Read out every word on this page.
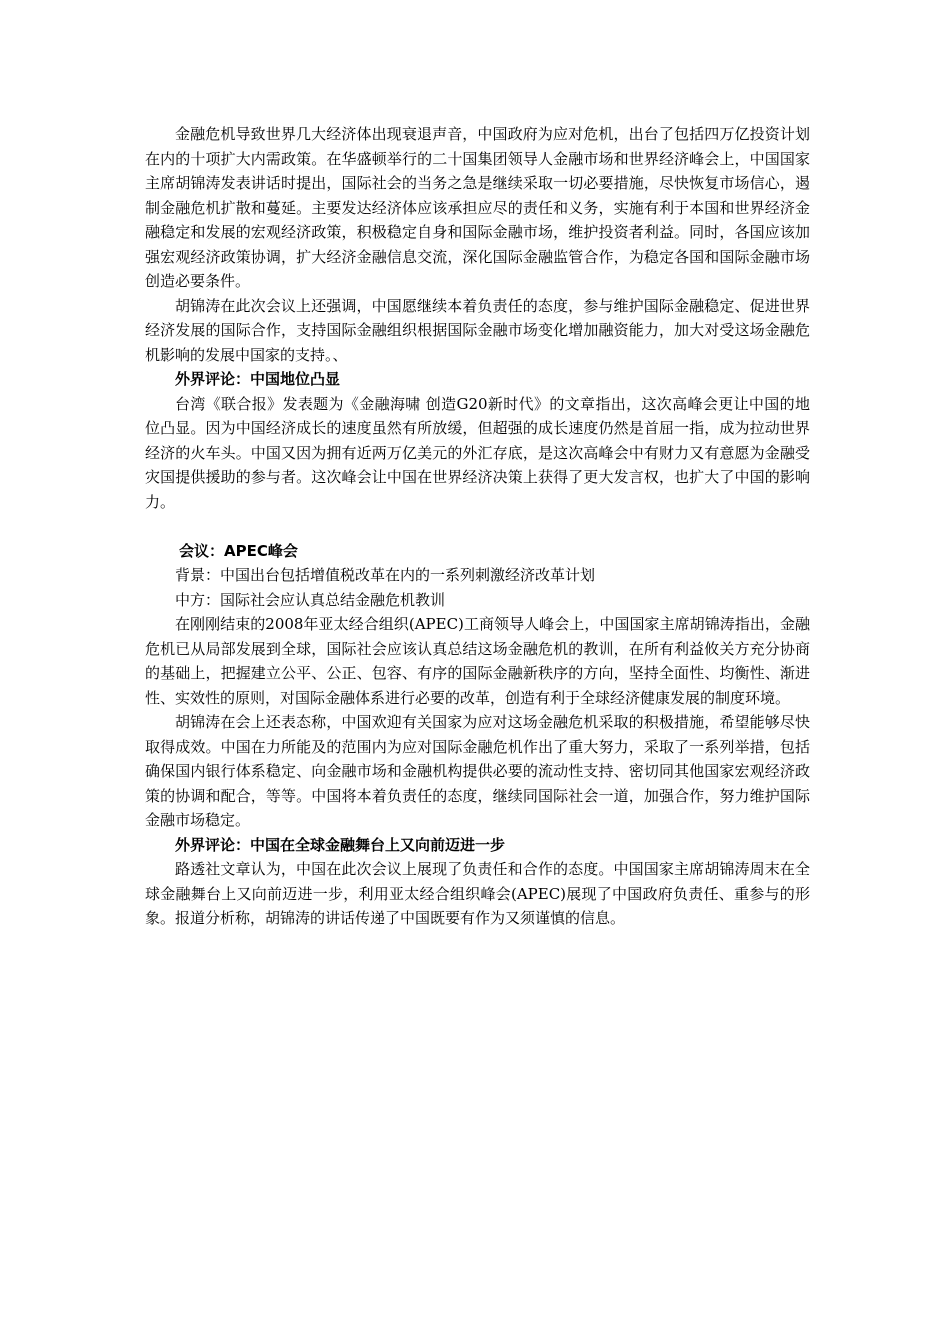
金融危机导致世界几大经济体出现衰退声音，中国政府为应对危机，出台了包括四万亿投资计划在内的十项扩大内需政策。在华盛顿举行的二十国集团领导人金融市场和世界经济峰会上，中国国家主席胡锦涛发表讲话时提出，国际社会的当务之急是继续采取一切必要措施，尽快恢复市场信心，遏制金融危机扩散和蔓延。主要发达经济体应该承担应尽的责任和义务，实施有利于本国和世界经济金融稳定和发展的宏观经济政策，积极稳定自身和国际金融市场，维护投资者利益。同时，各国应该加强宏观经济政策协调，扩大经济金融信息交流，深化国际金融监管合作，为稳定各国和国际金融市场创造必要条件。

胡锦涛在此次会议上还强调，中国愿继续本着负责任的态度，参与维护国际金融稳定、促进世界经济发展的国际合作，支持国际金融组织根据国际金融市场变化增加融资能力，加大对受这场金融危机影响的发展中国家的支持。、

外界评论：中国地位凸显

台湾《联合报》发表题为《金融海啸 创造G20新时代》的文章指出，这次高峰会更让中国的地位凸显。因为中国经济成长的速度虽然有所放缓，但超强的成长速度仍然是首屈一指，成为拉动世界经济的火车头。中国又因为拥有近两万亿美元的外汇存底，是这次高峰会中有财力又有意愿为金融受灾国提供援助的参与者。这次峰会让中国在世界经济决策上获得了更大发言权，也扩大了中国的影响力。

会议：APEC峰会

背景：中国出台包括增值税改革在内的一系列刺激经济改革计划

中方：国际社会应认真总结金融危机教训

在刚刚结束的2008年亚太经合组织(APEC)工商领导人峰会上，中国国家主席胡锦涛指出，金融危机已从局部发展到全球，国际社会应该认真总结这场金融危机的教训，在所有利益攸关方充分协商的基础上，把握建立公平、公正、包容、有序的国际金融新秩序的方向，坚持全面性、均衡性、渐进性、实效性的原则，对国际金融体系进行必要的改革，创造有利于全球经济健康发展的制度环境。

胡锦涛在会上还表态称，中国欢迎有关国家为应对这场金融危机采取的积极措施，希望能够尽快取得成效。中国在力所能及的范围内为应对国际金融危机作出了重大努力，采取了一系列举措，包括确保国内银行体系稳定、向金融市场和金融机构提供必要的流动性支持、密切同其他国家宏观经济政策的协调和配合，等等。中国将本着负责任的态度，继续同国际社会一道，加强合作，努力维护国际金融市场稳定。

外界评论：中国在全球金融舞台上又向前迈进一步

路透社文章认为，中国在此次会议上展现了负责任和合作的态度。中国国家主席胡锦涛周末在全球金融舞台上又向前迈进一步，利用亚太经合组织峰会(APEC)展现了中国政府负责任、重参与的形象。报道分析称，胡锦涛的讲话传递了中国既要有作为又须谨慎的信息。
